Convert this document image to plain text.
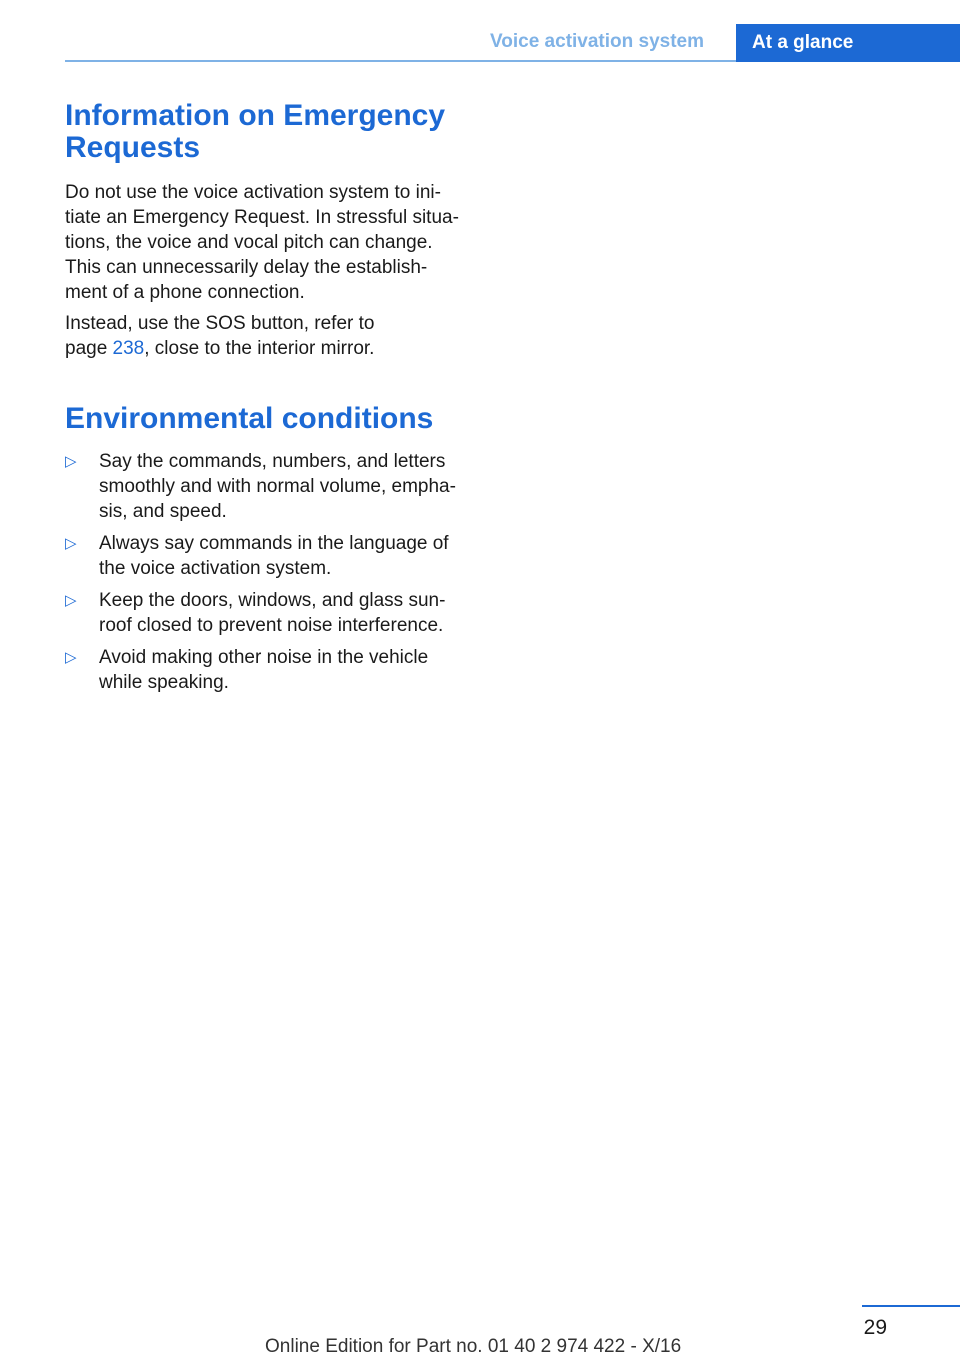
Voice activation system	At a glance
Information on Emergency
Requests

Do not use the voice activation system to ini‐
tiate an Emergency Request. In stressful situa‐
tions, the voice and vocal pitch can change.
This can unnecessarily delay the establish‐
ment of a phone connection.

Instead, use the SOS button, refer to
page 238, close to the interior mirror.

Environmental conditions
▷ Say the commands, numbers, and letters
smoothly and with normal volume, empha‐
sis, and speed.
▷ Always say commands in the language of
the voice activation system.
▷ Keep the doors, windows, and glass sun‐
roof closed to prevent noise interference.
▷ Avoid making other noise in the vehicle
while speaking.
29
Online Edition for Part no. 01 40 2 974 422 - X/16
